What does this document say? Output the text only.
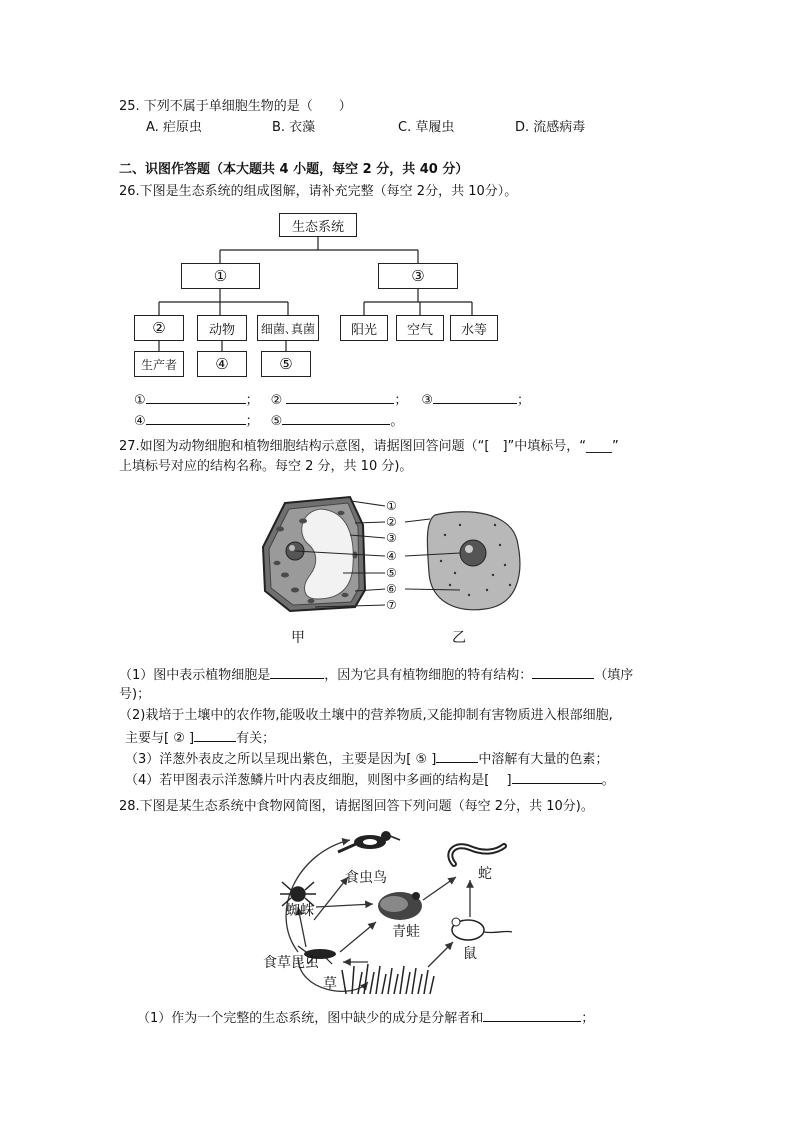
25. 下列不属于单细胞生物的是（　　）
A. 疟原虫	B. 衣藻	C. 草履虫	D. 流感病毒
二、识图作答题（本大题共 4 小题，每空 2 分，共 40 分）
26.下图是生态系统的组成图解，请补充完整（每空 2分，共 10分）。
生态系统
①	③
②	动物	细菌､真菌
生产者	④	⑤
阳光	空气	水等
①	； ②	； ③	；
④	； ⑤	。
27.如图为动物细胞和植物细胞结构示意图，请据图回答问题（“[　]”中填标号，“____”
上填标号对应的结构名称。每空 2 分，共 10 分)。
①
②
③
④
⑤
⑥
⑦
甲	乙
（1）图中表示植物细胞是	，因为它具有植物细胞的特有结构：	（填序
号)；
（2)栽培于土壤中的农作物,能吸收土壤中的营养物质,又能抑制有害物质进入根部细胞,
主要与[ ② ]	有关；
（3）洋葱外表皮之所以呈现出紫色，主要是因为[ ⑤ ]	中溶解有大量的色素；
（4）若甲图表示洋葱鳞片叶内表皮细胞，则图中多画的结构是[　 ]	。
28.下图是某生态系统中食物网简图，请据图回答下列问题（每空 2分，共 10分)。
食虫鸟	蛇
蜘蛛
青蛙
鼠
食草昆虫
草
（1）作为一个完整的生态系统，图中缺少的成分是分解者和	；
